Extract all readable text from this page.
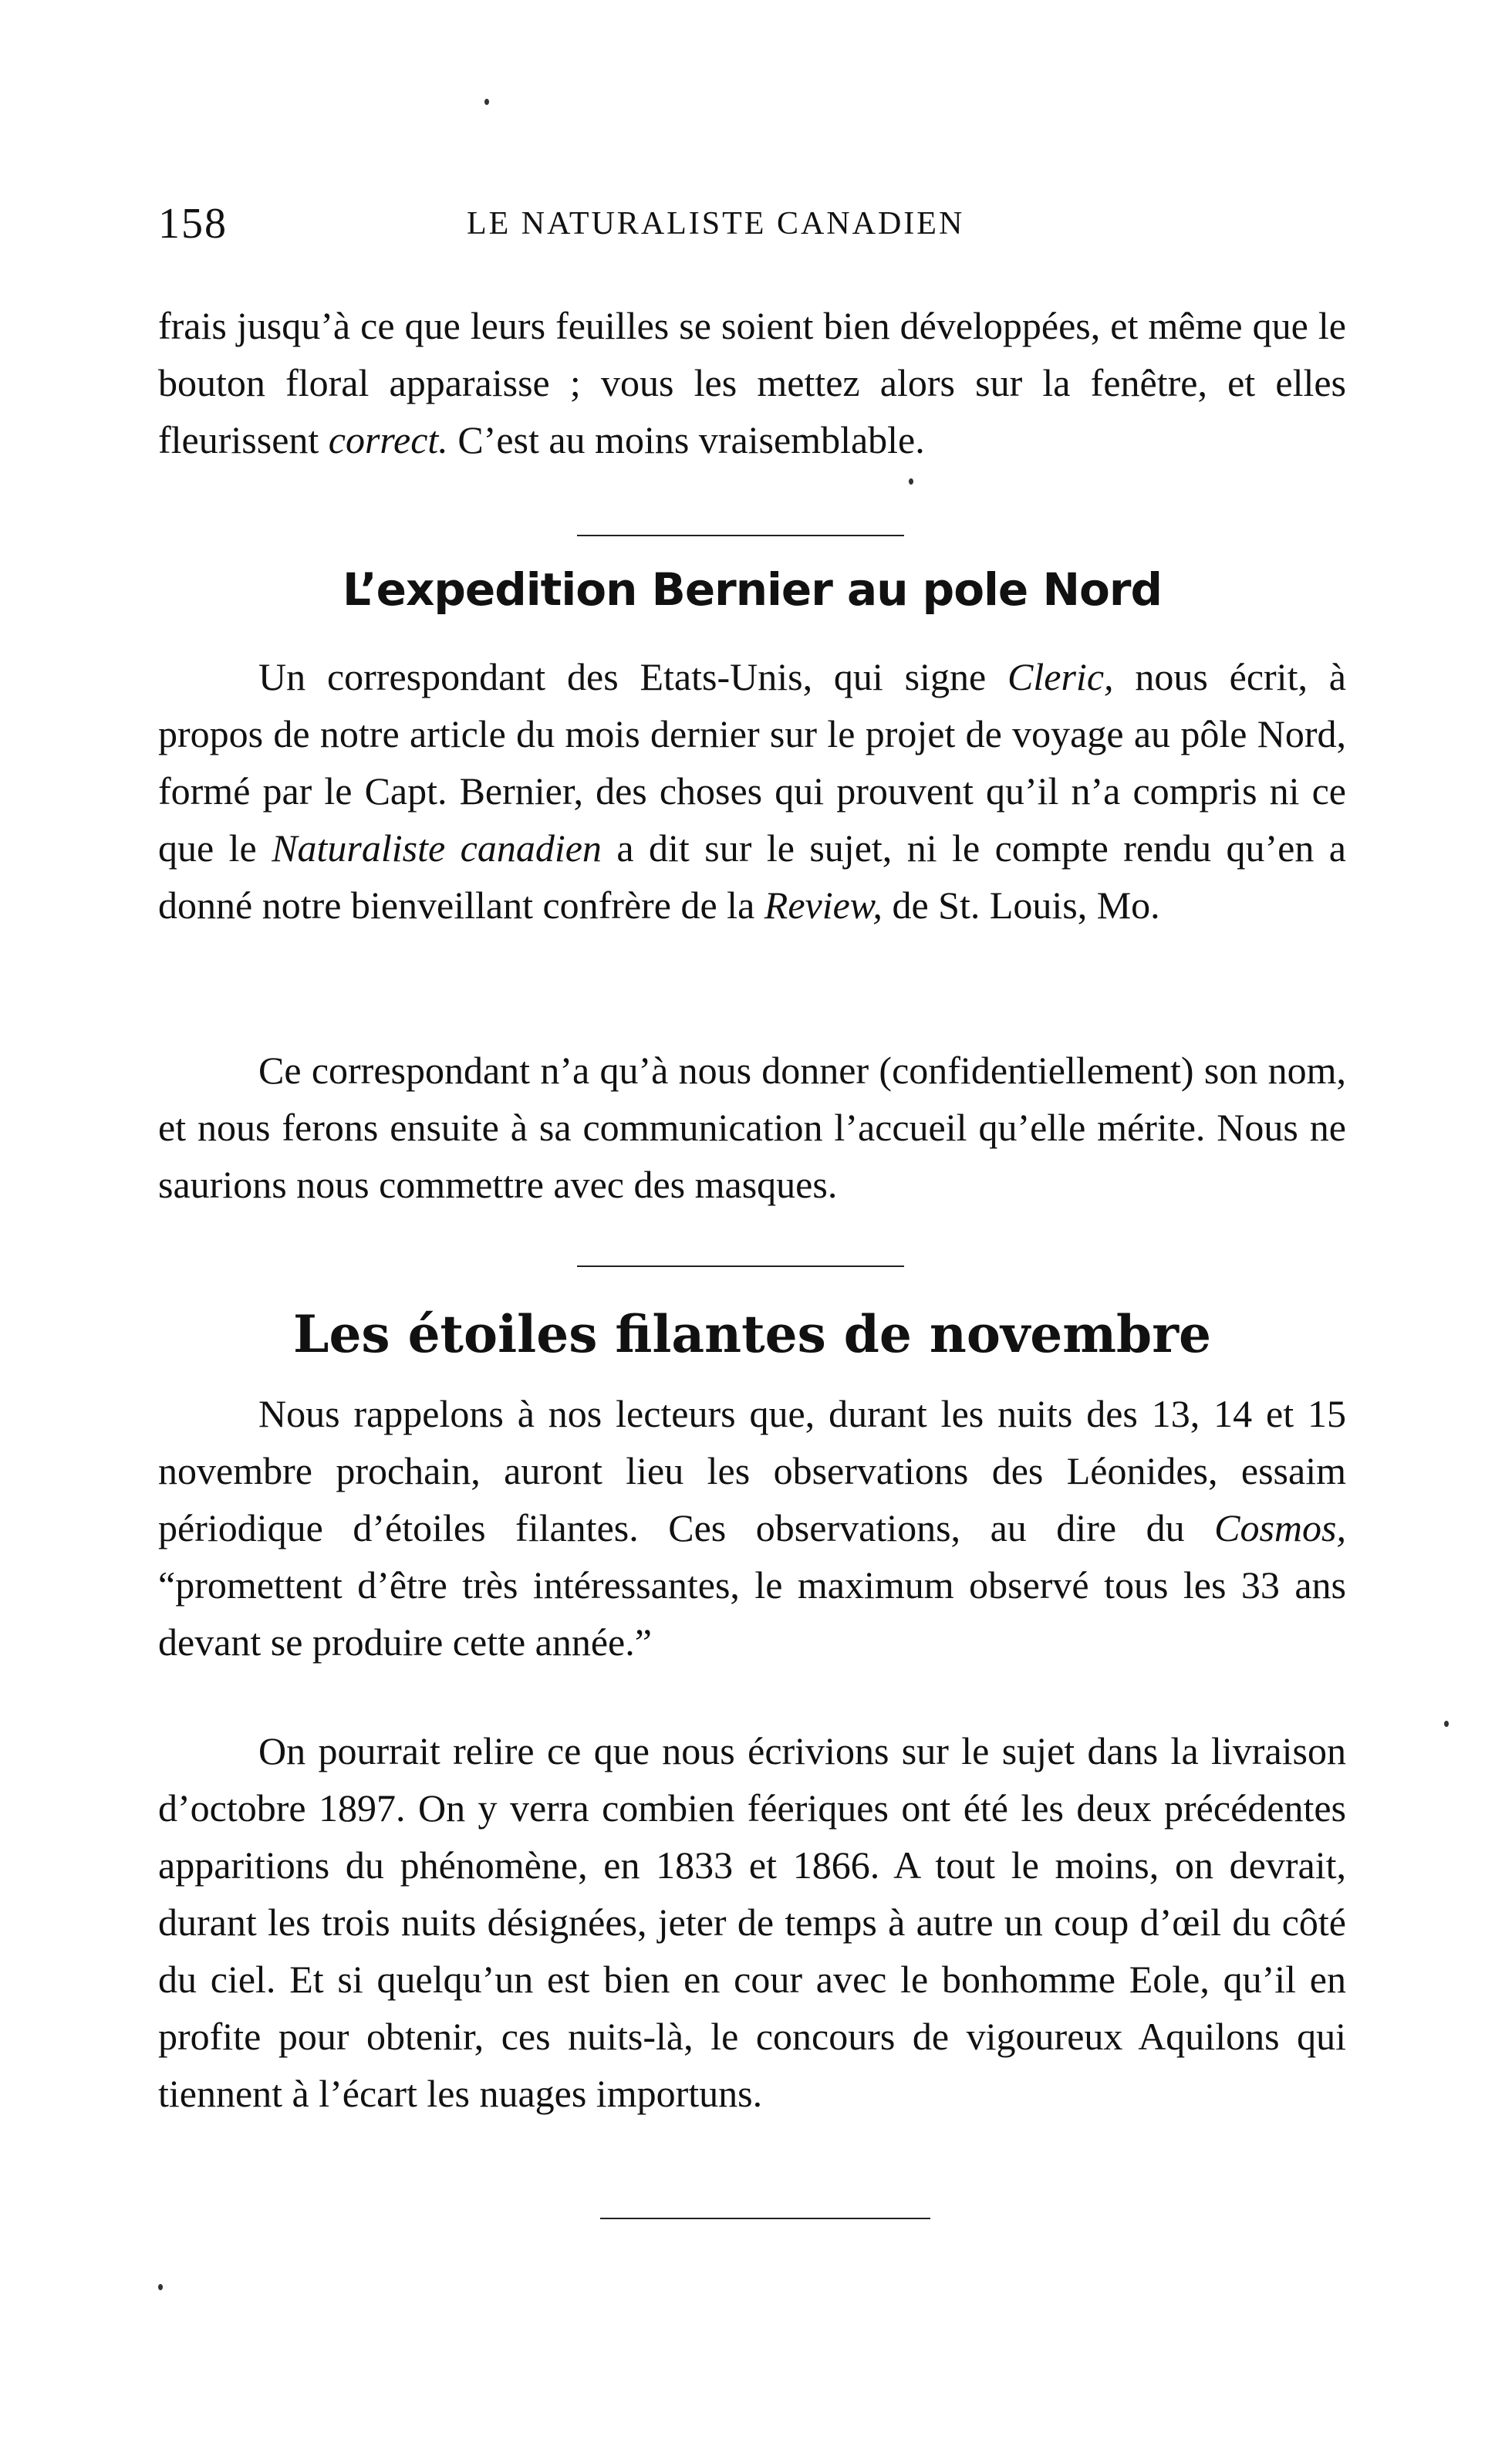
158	LE NATURALISTE CANADIEN

frais jusqu’à ce que leurs feuilles se soient bien développées, et même que le bouton floral apparaisse ; vous les mettez alors sur la fenêtre, et elles fleurissent correct. C’est au moins vraisemblable.

L’expedition Bernier au pole Nord

Un correspondant des Etats-Unis, qui signe Cleric, nous écrit, à propos de notre article du mois dernier sur le projet de voyage au pôle Nord, formé par le Capt. Bernier, des choses qui prouvent qu’il n’a compris ni ce que le Naturaliste canadien a dit sur le sujet, ni le compte rendu qu’en a donné notre bienveillant confrère de la Review, de St. Louis, Mo.

Ce correspondant n’a qu’à nous donner (confidentiellement) son nom, et nous ferons ensuite à sa communication l’accueil qu’elle mérite. Nous ne saurions nous commettre avec des masques.

Les étoiles filantes de novembre

Nous rappelons à nos lecteurs que, durant les nuits des 13, 14 et 15 novembre prochain, auront lieu les observations des Léonides, essaim périodique d’étoiles filantes. Ces observations, au dire du Cosmos, “promettent d’être très intéressantes, le maximum observé tous les 33 ans devant se produire cette année.”

On pourrait relire ce que nous écrivions sur le sujet dans la livraison d’octobre 1897. On y verra combien féeriques ont été les deux précédentes apparitions du phénomène, en 1833 et 1866. A tout le moins, on devrait, durant les trois nuits désignées, jeter de temps à autre un coup d’œil du côté du ciel. Et si quelqu’un est bien en cour avec le bonhomme Eole, qu’il en profite pour obtenir, ces nuits-là, le concours de vigoureux Aquilons qui tiennent à l’écart les nuages importuns.
